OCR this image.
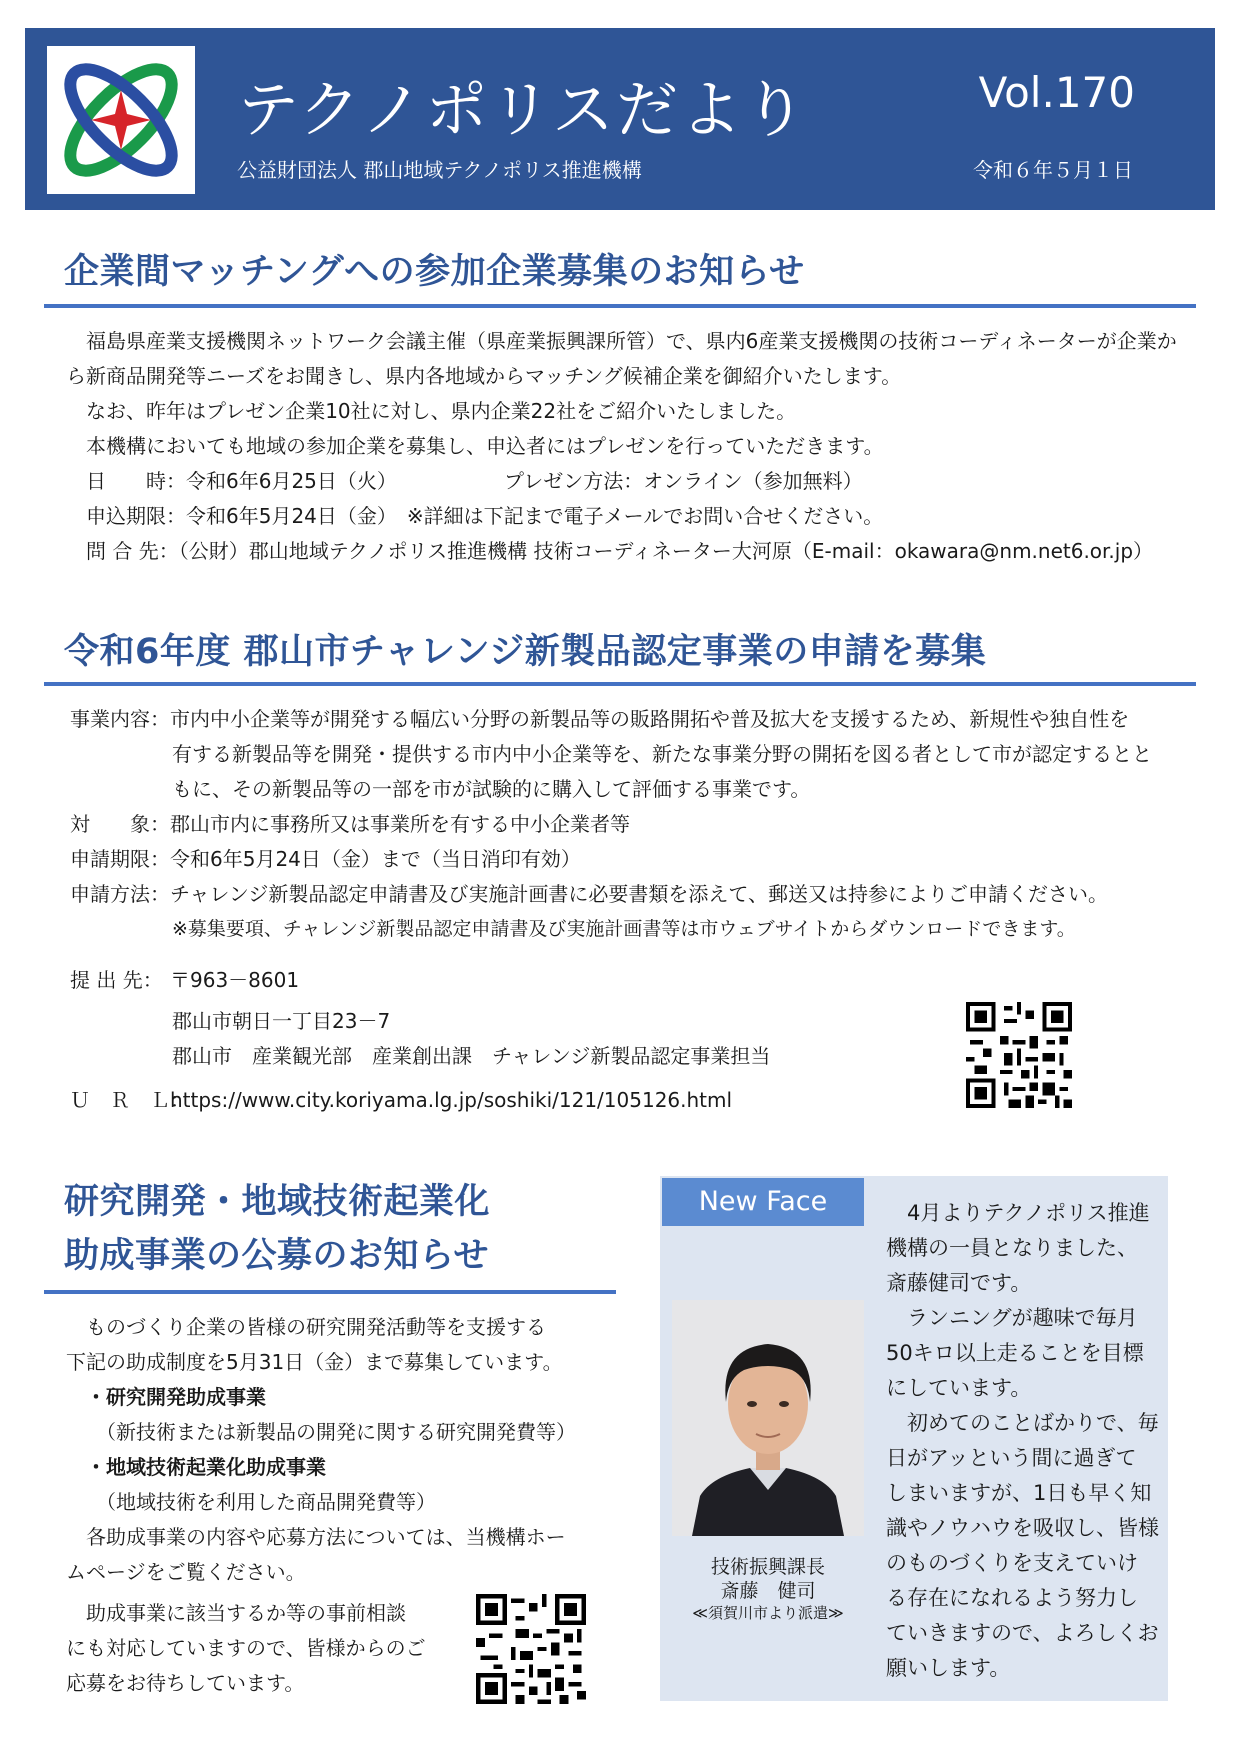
テクノポリスだより
公益財団法人 郡山地域テクノポリス推進機構
Vol.170
令和６年５月１日
企業間マッチングへの参加企業募集のお知らせ
福島県産業支援機関ネットワーク会議主催（県産業振興課所管）で、県内6産業支援機関の技術コーディネーターが企業か
ら新商品開発等ニーズをお聞きし、県内各地域からマッチング候補企業を御紹介いたします。
なお、昨年はプレゼン企業10社に対し、県内企業22社をご紹介いたしました。
本機構においても地域の参加企業を募集し、申込者にはプレゼンを行っていただきます。
日　　時：令和6年6月25日（火）	プレゼン方法：オンライン（参加無料）
申込期限：令和6年5月24日（金）　※詳細は下記まで電子メールでお問い合せください。
問 合 先：（公財）郡山地域テクノポリス推進機構 技術コーディネーター大河原（E-mail：okawara@nm.net6.or.jp）
令和6年度 郡山市チャレンジ新製品認定事業の申請を募集
事業内容：市内中小企業等が開発する幅広い分野の新製品等の販路開拓や普及拡大を支援するため、新規性や独自性を
有する新製品等を開発・提供する市内中小企業等を、新たな事業分野の開拓を図る者として市が認定するとと
もに、その新製品等の一部を市が試験的に購入して評価する事業です。
対　　象：郡山市内に事務所又は事業所を有する中小企業者等
申請期限：令和6年5月24日（金）まで（当日消印有効）
申請方法：チャレンジ新製品認定申請書及び実施計画書に必要書類を添えて、郵送又は持参によりご申請ください。
※募集要項、チャレンジ新製品認定申請書及び実施計画書等は市ウェブサイトからダウンロードできます。
提 出 先： 〒963－8601
郡山市朝日一丁目23－7
郡山市　産業観光部　産業創出課　チャレンジ新製品認定事業担当
Ｕ　Ｒ　Ｌ：https://www.city.koriyama.lg.jp/soshiki/121/105126.html
研究開発・地域技術起業化
助成事業の公募のお知らせ
ものづくり企業の皆様の研究開発活動等を支援する
下記の助成制度を5月31日（金）まで募集しています。
・研究開発助成事業
（新技術または新製品の開発に関する研究開発費等）
・地域技術起業化助成事業
（地域技術を利用した商品開発費等）
各助成事業の内容や応募方法については、当機構ホー
ムページをご覧ください。
助成事業に該当するか等の事前相談
にも対応していますので、皆様からのご
応募をお待ちしています。
New Face
技術振興課長
斎藤　健司
≪須賀川市より派遣≫
4月よりテクノポリス推進
機構の一員となりました、
斎藤健司です。
ランニングが趣味で毎月
50キロ以上走ることを目標
にしています。
初めてのことばかりで、毎
日がアッという間に過ぎて
しまいますが、1日も早く知
識やノウハウを吸収し、皆様
のものづくりを支えていけ
る存在になれるよう努力し
ていきますので、よろしくお
願いします。
